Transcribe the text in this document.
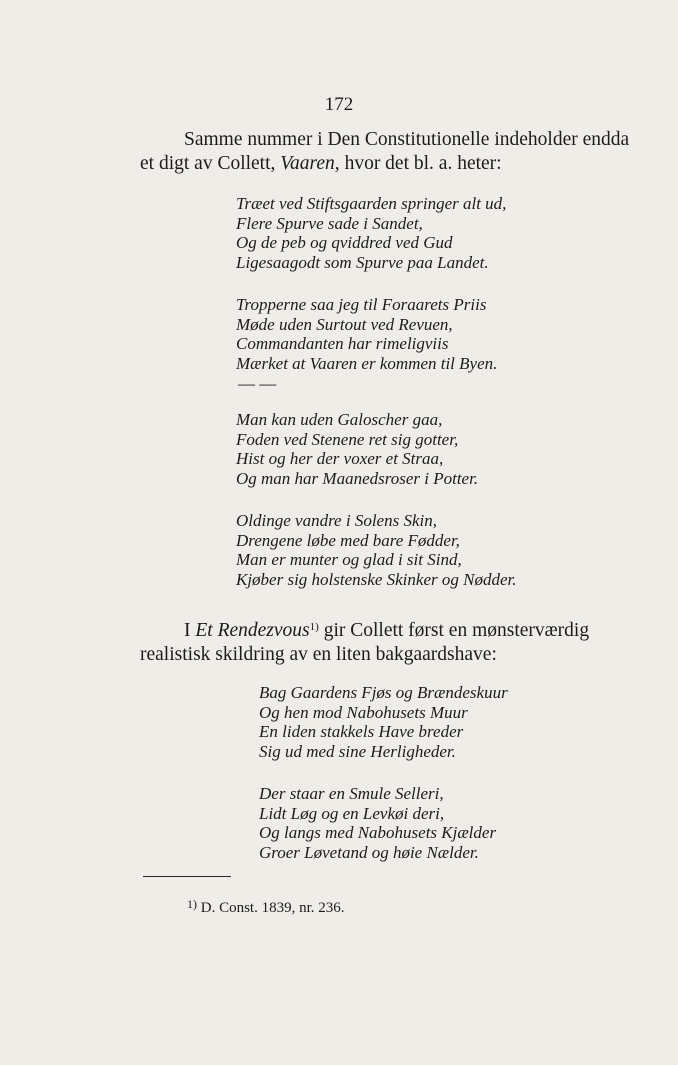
172
Samme nummer i Den Constitutionelle indeholder endda
et digt av Collett, Vaaren, hvor det bl. a. heter:
Træet ved Stiftsgaarden springer alt ud,
Flere Spurve sade i Sandet,
Og de peb og qviddred ved Gud
Ligesaagodt som Spurve paa Landet.
Tropperne saa jeg til Foraarets Priis
Møde uden Surtout ved Revuen,
Commandanten har rimeligviis
Mærket at Vaaren er kommen til Byen.
— —
Man kan uden Galoscher gaa,
Foden ved Stenene ret sig gotter,
Hist og her der voxer et Straa,
Og man har Maanedsroser i Potter.
Oldinge vandre i Solens Skin,
Drengene løbe med bare Fødder,
Man er munter og glad i sit Sind,
Kjøber sig holstenske Skinker og Nødder.
I Et Rendezvous$^{1)}$ gir Collett først en mønsterværdig
realistisk skildring av en liten bakgaardshave:
Bag Gaardens Fjøs og Brændeskuur
Og hen mod Nabohusets Muur
En liden stakkels Have breder
Sig ud med sine Herligheder.
Der staar en Smule Selleri,
Lidt Løg og en Levkøi deri,
Og langs med Nabohusets Kjælder
Groer Løvetand og høie Nælder.
$^{1)}$ D. Const. 1839, nr. 236.
